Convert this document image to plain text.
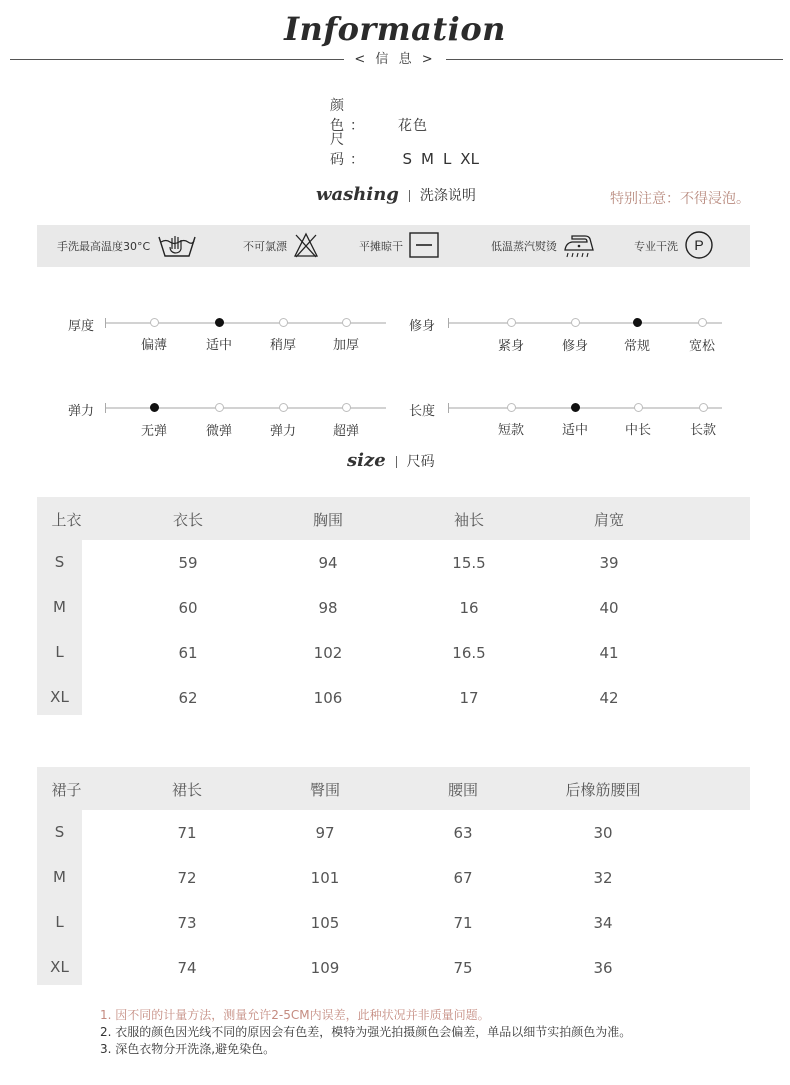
Information
< 信 息 >
颜 色： 花色
尺 码： S M L XL
washing 洗涤说明	特别注意：不得浸泡。
手洗最高温度30°C	不可氯漂	平摊晾干	低温蒸汽熨烫	专业干洗 P
厚度
偏薄	适中	稍厚	加厚
修身
紧身	修身	常规	宽松
弹力
无弹	微弹	弹力	超弹
长度
短款	适中	中长	长款
size 尺码
上衣	衣长	胸围	袖长	肩宽
S	59	94	15.5	39
M	60	98	16	40
L	61	102	16.5	41
XL	62	106	17	42
裙子	裙长	臀围	腰围	后橡筋腰围
S	71	97	63	30
M	72	101	67	32
L	73	105	71	34
XL	74	109	75	36
1. 因不同的计量方法，测量允许2-5CM内误差，此种状况并非质量问题。
2. 衣服的颜色因光线不同的原因会有色差，模特为强光拍摄颜色会偏差，单品以细节实拍颜色为准。
3. 深色衣物分开洗涤,避免染色。
